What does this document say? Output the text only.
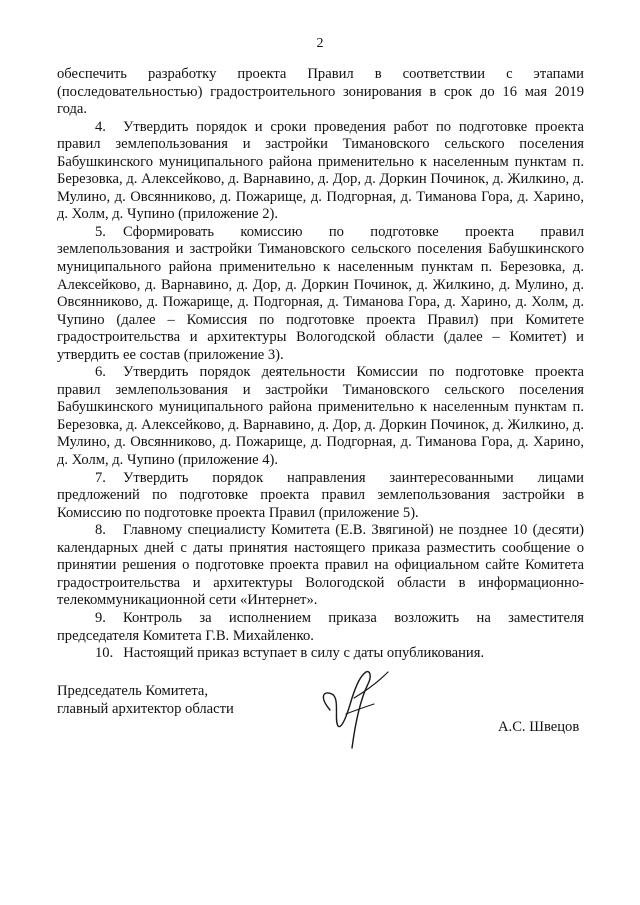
2

обеспечить разработку проекта Правил в соответствии с этапами (последовательностью) градостроительного зонирования в срок до 16 мая 2019 года.

4. Утвердить порядок и сроки проведения работ по подготовке проекта правил землепользования и застройки Тимановского сельского поселения Бабушкинского муниципального района применительно к населенным пунктам п. Березовка, д. Алексейково, д. Варнавино, д. Дор, д. Доркин Починок, д. Жилкино, д. Мулино, д. Овсянниково, д. Пожарище, д. Подгорная, д. Тиманова Гора, д. Харино, д. Холм, д. Чупино (приложение 2).

5. Сформировать комиссию по подготовке проекта правил землепользования и застройки Тимановского сельского поселения Бабушкинского муниципального района применительно к населенным пунктам п. Березовка, д. Алексейково, д. Варнавино, д. Дор, д. Доркин Починок, д. Жилкино, д. Мулино, д. Овсянниково, д. Пожарище, д. Подгорная, д. Тиманова Гора, д. Харино, д. Холм, д. Чупино (далее – Комиссия по подготовке проекта Правил) при Комитете градостроительства и архитектуры Вологодской области (далее – Комитет) и утвердить ее состав (приложение 3).

6. Утвердить порядок деятельности Комиссии по подготовке проекта правил землепользования и застройки Тимановского сельского поселения Бабушкинского муниципального района применительно к населенным пунктам п. Березовка, д. Алексейково, д. Варнавино, д. Дор, д. Доркин Починок, д. Жилкино, д. Мулино, д. Овсянниково, д. Пожарище, д. Подгорная, д. Тиманова Гора, д. Харино, д. Холм, д. Чупино (приложение 4).

7. Утвердить порядок направления заинтересованными лицами предложений по подготовке проекта правил землепользования застройки в Комиссию по подготовке проекта Правил (приложение 5).

8. Главному специалисту Комитета (Е.В. Звягиной) не позднее 10 (десяти) календарных дней с даты принятия настоящего приказа разместить сообщение о принятии решения о подготовке проекта правил на официальном сайте Комитета градостроительства и архитектуры Вологодской области в информационно-телекоммуникационной сети «Интернет».

9. Контроль за исполнением приказа возложить на заместителя председателя Комитета Г.В. Михайленко.

10. Настоящий приказ вступает в силу с даты опубликования.

Председатель Комитета,
главный архитектор области
А.С. Швецов
